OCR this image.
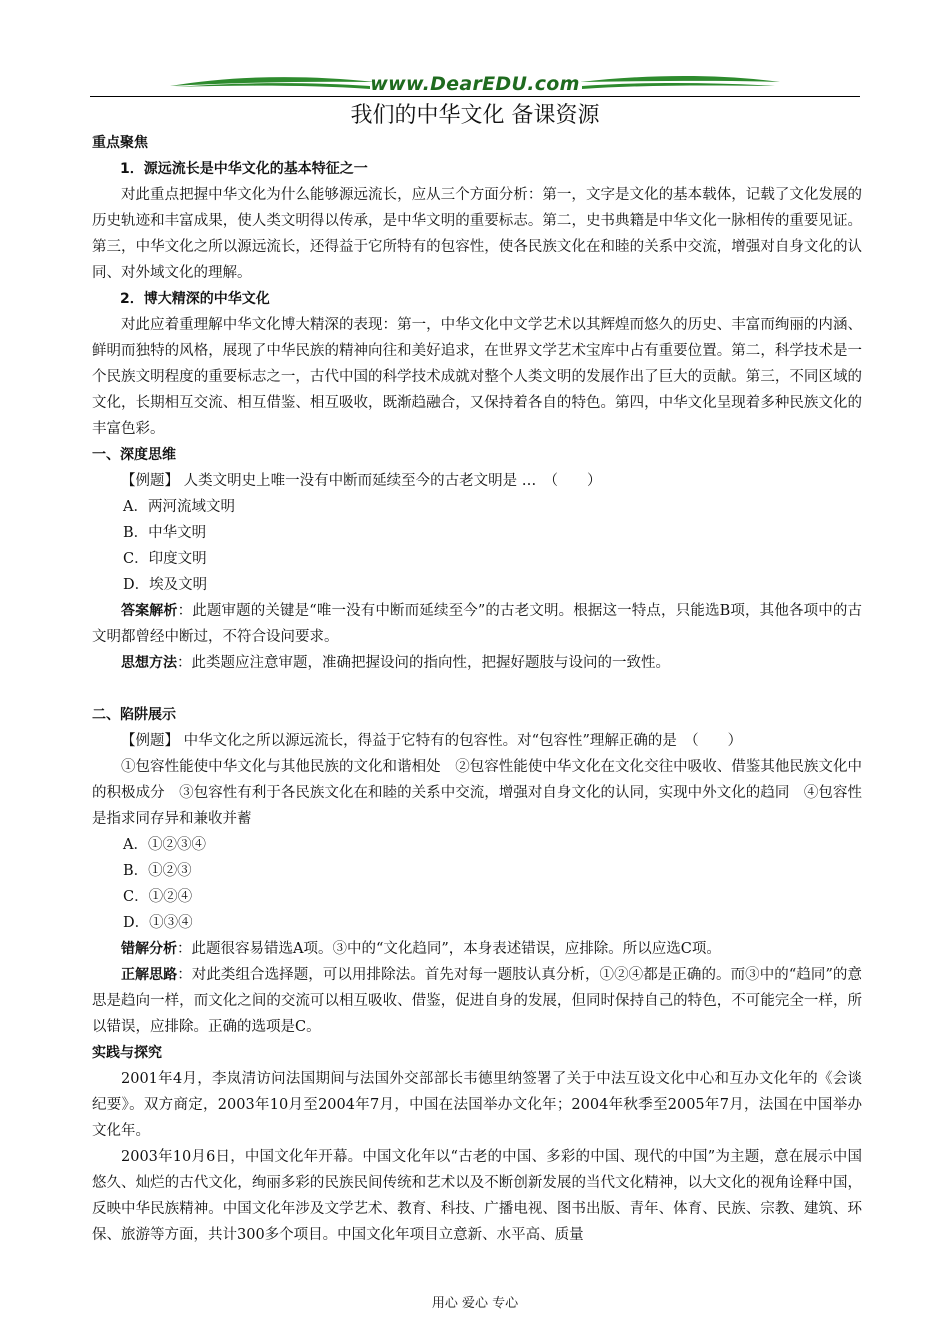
www.DearEDU.com
我们的中华文化 备课资源
重点聚焦
1．源远流长是中华文化的基本特征之一

对此重点把握中华文化为什么能够源远流长，应从三个方面分析：第一，文字是文化的基本载体，记载了文化发展的历史轨迹和丰富成果，使人类文明得以传承，是中华文明的重要标志。第二，史书典籍是中华文化一脉相传的重要见证。第三，中华文化之所以源远流长，还得益于它所特有的包容性，使各民族文化在和睦的关系中交流，增强对自身文化的认同、对外域文化的理解。

2．博大精深的中华文化

对此应着重理解中华文化博大精深的表现：第一，中华文化中文学艺术以其辉煌而悠久的历史、丰富而绚丽的内涵、鲜明而独特的风格，展现了中华民族的精神向往和美好追求，在世界文学艺术宝库中占有重要位置。第二，科学技术是一个民族文明程度的重要标志之一，古代中国的科学技术成就对整个人类文明的发展作出了巨大的贡献。第三，不同区域的文化，长期相互交流、相互借鉴、相互吸收，既渐趋融合，又保持着各自的特色。第四，中华文化呈现着多种民族文化的丰富色彩。

一、深度思维
【例题】 人类文明史上唯一没有中断而延续至今的古老文明是 …　（　　）
A．两河流域文明
B．中华文明
C．印度文明
D．埃及文明

答案解析：此题审题的关键是“唯一没有中断而延续至今”的古老文明。根据这一特点，只能选B项，其他各项中的古文明都曾经中断过，不符合设问要求。

思想方法：此类题应注意审题，准确把握设问的指向性，把握好题肢与设问的一致性。

二、陷阱展示
【例题】 中华文化之所以源远流长，得益于它特有的包容性。对“包容性”理解正确的是　（　　）

①包容性能使中华文化与其他民族的文化和谐相处　②包容性能使中华文化在文化交往中吸收、借鉴其他民族文化中的积极成分　③包容性有利于各民族文化在和睦的关系中交流，增强对自身文化的认同，实现中外文化的趋同　④包容性是指求同存异和兼收并蓄

A．①②③④
B．①②③
C．①②④
D．①③④

错解分析：此题很容易错选A项。③中的“文化趋同”，本身表述错误，应排除。所以应选C项。

正解思路：对此类组合选择题，可以用排除法。首先对每一题肢认真分析，①②④都是正确的。而③中的“趋同”的意思是趋向一样，而文化之间的交流可以相互吸收、借鉴，促进自身的发展，但同时保持自己的特色，不可能完全一样，所以错误，应排除。正确的选项是C。

实践与探究

2001年4月，李岚清访问法国期间与法国外交部部长韦德里纳签署了关于中法互设文化中心和互办文化年的《会谈纪要》。双方商定，2003年10月至2004年7月，中国在法国举办文化年；2004年秋季至2005年7月，法国在中国举办文化年。

2003年10月6日，中国文化年开幕。中国文化年以“古老的中国、多彩的中国、现代的中国”为主题，意在展示中国悠久、灿烂的古代文化，绚丽多彩的民族民间传统和艺术以及不断创新发展的当代文化精神，以大文化的视角诠释中国，反映中华民族精神。中国文化年涉及文学艺术、教育、科技、广播电视、图书出版、青年、体育、民族、宗教、建筑、环保、旅游等方面，共计300多个项目。中国文化年项目立意新、水平高、质量

用心 爱心 专心
